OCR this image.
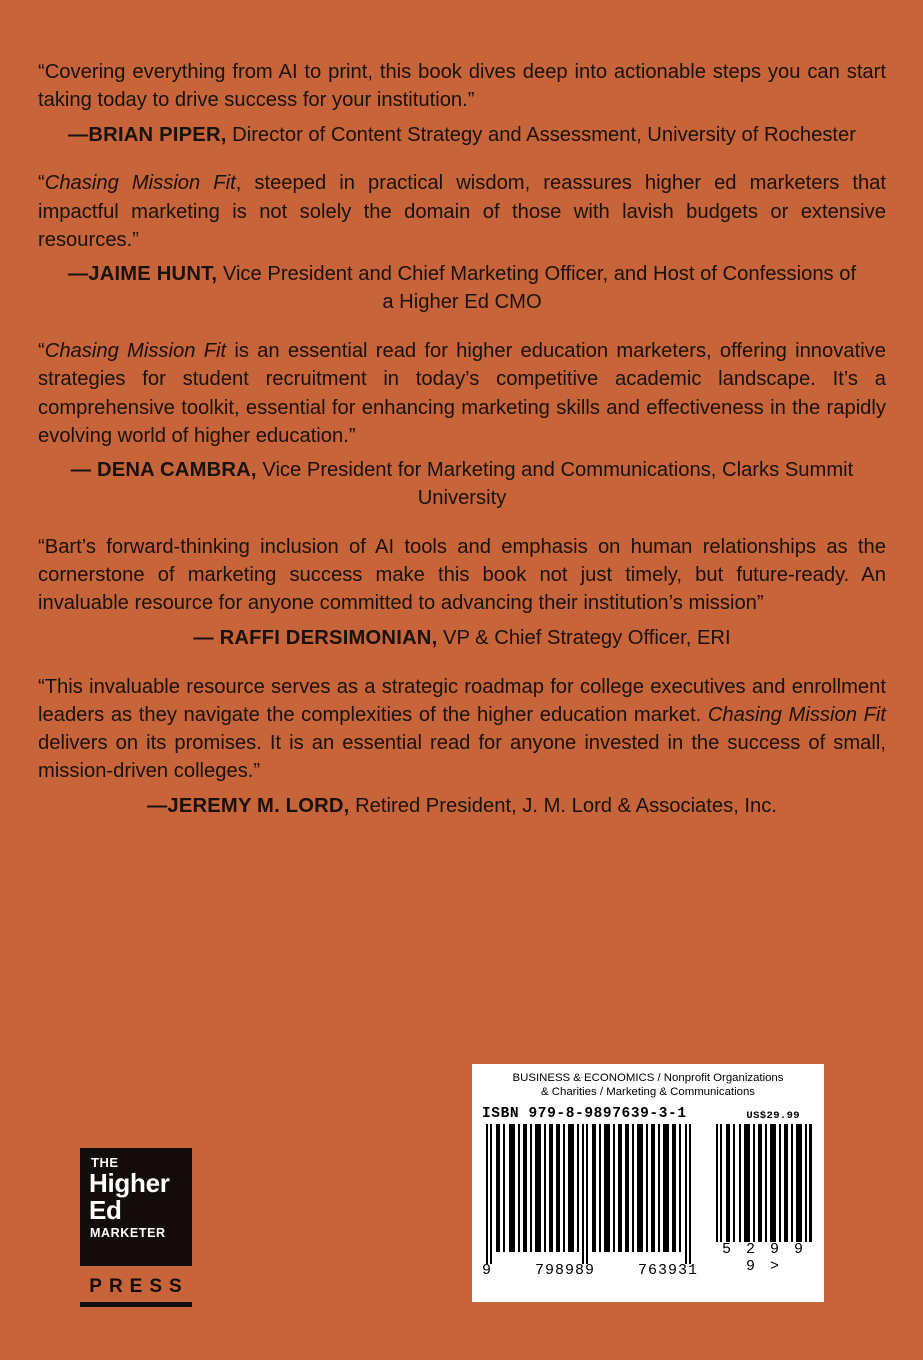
“Covering everything from AI to print, this book dives deep into actionable steps you can start taking today to drive success for your institution.”

—BRIAN PIPER, Director of Content Strategy and Assessment, University of Rochester

“Chasing Mission Fit, steeped in practical wisdom, reassures higher ed marketers that impactful marketing is not solely the domain of those with lavish budgets or extensive resources.”

—JAIME HUNT, Vice President and Chief Marketing Officer, and Host of Confessions of a Higher Ed CMO

“Chasing Mission Fit is an essential read for higher education marketers, offering innovative strategies for student recruitment in today’s competitive academic landscape. It’s a comprehensive toolkit, essential for enhancing marketing skills and effectiveness in the rapidly evolving world of higher education.”

— DENA CAMBRA, Vice President for Marketing and Communications, Clarks Summit University

“Bart’s forward-thinking inclusion of AI tools and emphasis on human relationships as the cornerstone of marketing success make this book not just timely, but future-ready. An invaluable resource for anyone committed to advancing their institution’s mission”

— RAFFI DERSIMONIAN, VP & Chief Strategy Officer, ERI

“This invaluable resource serves as a strategic roadmap for college executives and enrollment leaders as they navigate the complexities of the higher education market. Chasing Mission Fit delivers on its promises. It is an essential read for anyone invested in the success of small, mission-driven colleges.”

—JEREMY M. LORD, Retired President, J. M. Lord & Associates, Inc.
THE
Higher
Ed
MARKETER
PRESS
BUSINESS & ECONOMICS / Nonprofit Organizations
& Charities / Marketing & Communications
ISBN 979-8-9897639-3-1	US$29.99
9	798989	763931
5 2 9 9 9 >
